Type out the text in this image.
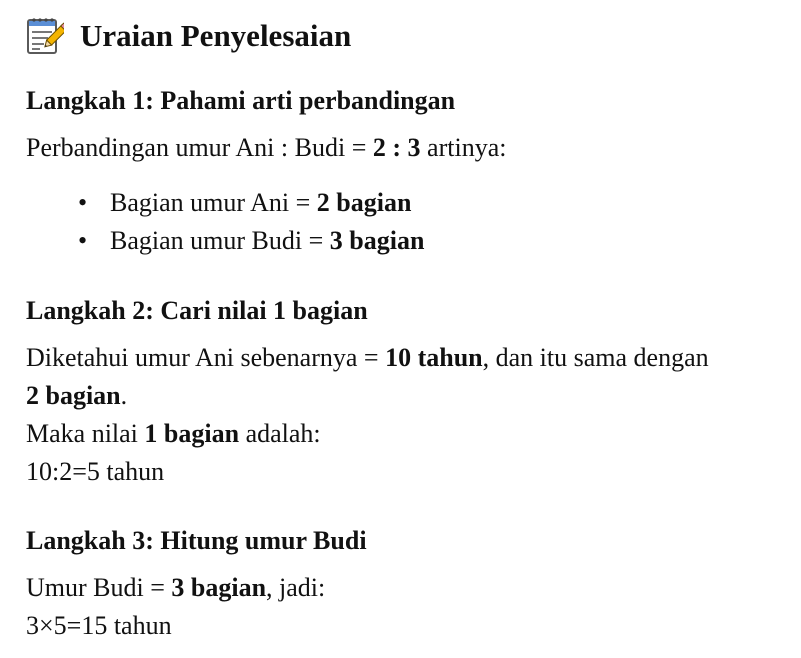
Uraian Penyelesaian
Langkah 1: Pahami arti perbandingan
Perbandingan umur Ani : Budi = 2 : 3 artinya:
• Bagian umur Ani = 2 bagian
• Bagian umur Budi = 3 bagian
Langkah 2: Cari nilai 1 bagian
Diketahui umur Ani sebenarnya = 10 tahun, dan itu sama dengan
2 bagian.
Maka nilai 1 bagian adalah:
10:2=5 tahun
Langkah 3: Hitung umur Budi
Umur Budi = 3 bagian, jadi:
3×5=15 tahun
